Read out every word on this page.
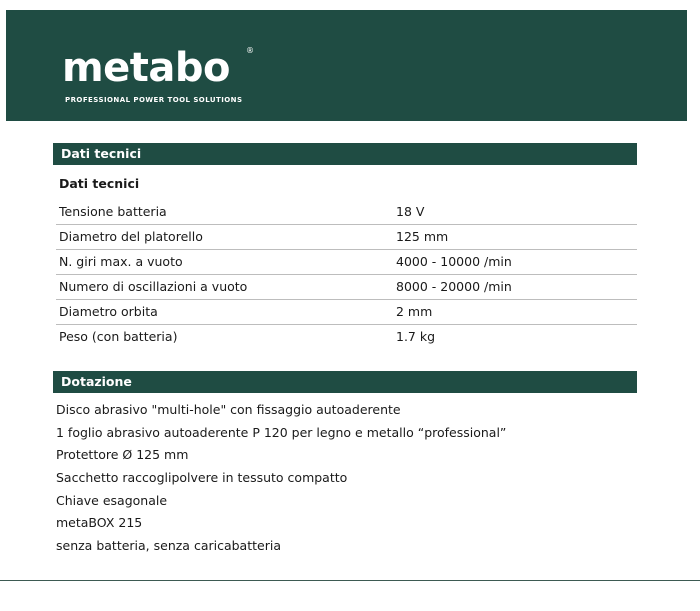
metabo ®
PROFESSIONAL POWER TOOL SOLUTIONS
Dati tecnici
Dati tecnici
Tensione batteria	18 V
Diametro del platorello	125 mm
N. giri max. a vuoto	4000 - 10000 /min
Numero di oscillazioni a vuoto	8000 - 20000 /min
Diametro orbita	2 mm
Peso (con batteria)	1.7 kg
Dotazione
Disco abrasivo "multi-hole" con fissaggio autoaderente
1 foglio abrasivo autoaderente P 120 per legno e metallo “professional”
Protettore Ø 125 mm
Sacchetto raccoglipolvere in tessuto compatto
Chiave esagonale
metaBOX 215
senza batteria, senza caricabatteria
